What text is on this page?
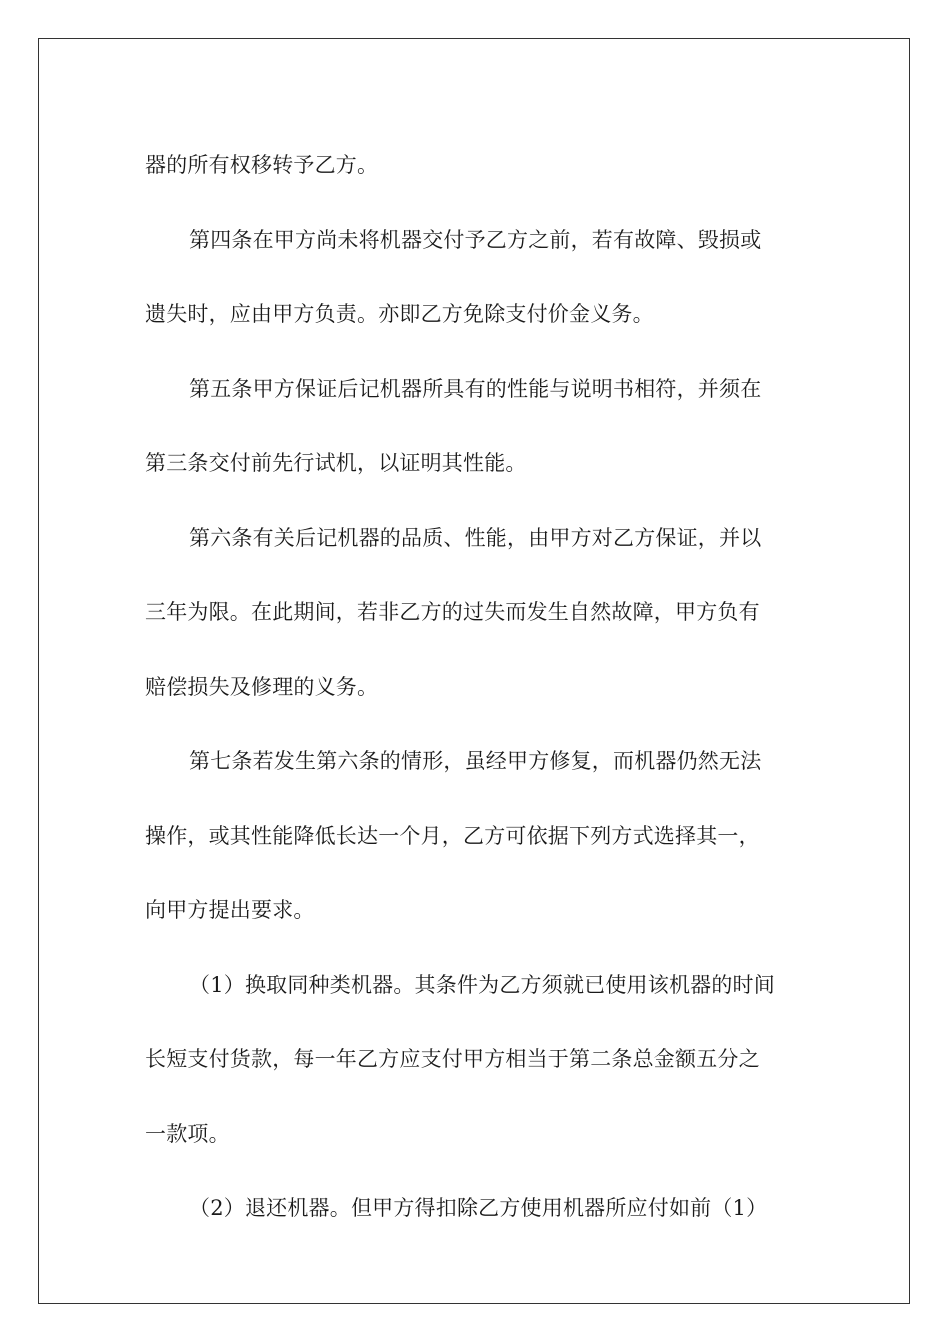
器的所有权移转予乙方。
第四条在甲方尚未将机器交付予乙方之前，若有故障、毁损或
遗失时，应由甲方负责。亦即乙方免除支付价金义务。
第五条甲方保证后记机器所具有的性能与说明书相符，并须在
第三条交付前先行试机，以证明其性能。
第六条有关后记机器的品质、性能，由甲方对乙方保证，并以
三年为限。在此期间，若非乙方的过失而发生自然故障，甲方负有
赔偿损失及修理的义务。
第七条若发生第六条的情形，虽经甲方修复，而机器仍然无法
操作，或其性能降低长达一个月，乙方可依据下列方式选择其一，
向甲方提出要求。
（1）换取同种类机器。其条件为乙方须就已使用该机器的时间
长短支付货款，每一年乙方应支付甲方相当于第二条总金额五分之
一款项。
（2）退还机器。但甲方得扣除乙方使用机器所应付如前（1）
